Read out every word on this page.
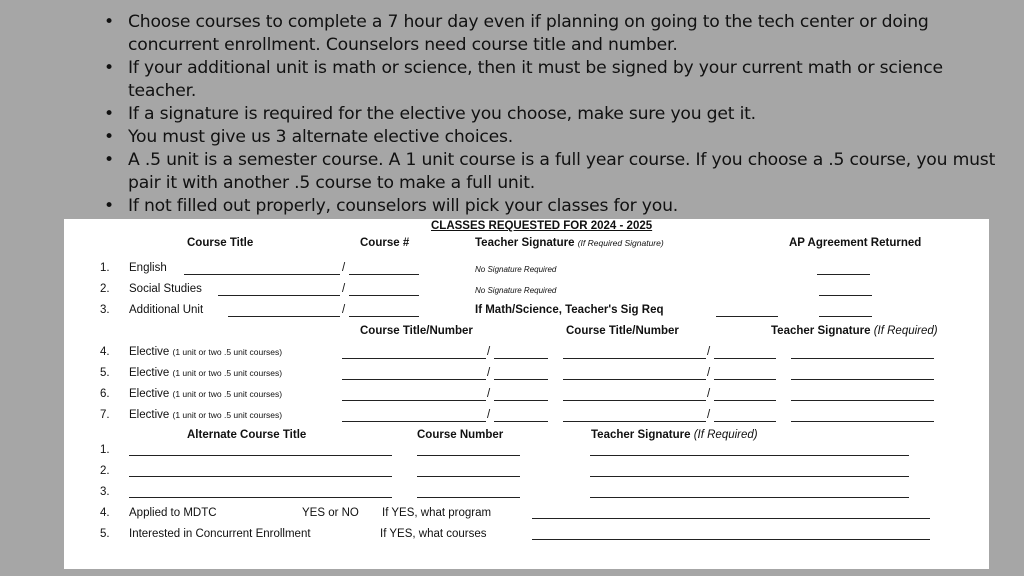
• Choose courses to complete a 7 hour day even if planning on going to the tech center or doing concurrent enrollment. Counselors need course title and number.
• If your additional unit is math or science, then it must be signed by your current math or science teacher.
• If a signature is required for the elective you choose, make sure you get it.
• You must give us 3 alternate elective choices.
• A .5 unit is a semester course. A 1 unit course is a full year course. If you choose a .5 course, you must pair it with another .5 course to make a full unit.
• If not filled out properly, counselors will pick your classes for you.
CLASSES REQUESTED FOR 2024 - 2025
Course Title	Course #	Teacher Signature (If Required Signature)	AP Agreement Returned
1. English	/	No Signature Required
2. Social Studies	/	No Signature Required
3. Additional Unit	/	If Math/Science, Teacher's Sig Req
Course Title/Number	Course Title/Number	Teacher Signature (If Required)
4. Elective (1 unit or two .5 unit courses)	/	/
5. Elective (1 unit or two .5 unit courses)	/	/
6. Elective (1 unit or two .5 unit courses)	/	/
7. Elective (1 unit or two .5 unit courses)	/	/
Alternate Course Title	Course Number	Teacher Signature (If Required)
1.
2.
3.
4. Applied to MDTC	YES or NO If YES, what program
5. Interested in Concurrent Enrollment	If YES, what courses
